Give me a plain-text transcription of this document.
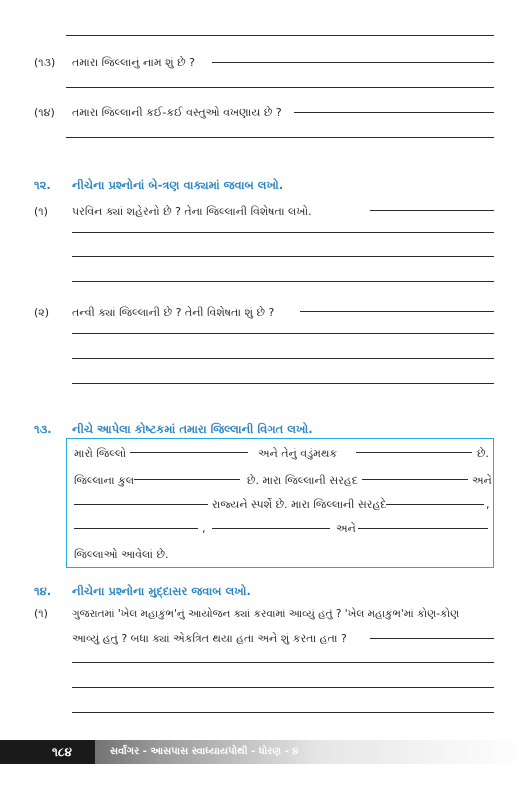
(૧૩) તમારા જિલ્લાનું નામ શું છે ?
(૧૪) તમારા જિલ્લાની કઈ-કઈ વસ્તુઓ વખણાય છે ?
૧૨. નીચેના પ્રશ્નોનાં બે-ત્રણ વાક્યમાં જવાબ લખો.
(૧) પરવિન ક્યાં શહેરનો છે ? તેના જિલ્લાની વિશેષતા લખો.
(૨) તન્વી ક્યાં જિલ્લાની છે ? તેની વિશેષતા શું છે ?
૧૩. નીચે આપેલા કોષ્ટકમાં તમારા જિલ્લાની વિગત લખો.
મારો જિલ્લો	અને તેનું વડુંમથક	છે.
જિલ્લાના કુલ	છે. મારા જિલ્લાની સરહદ	અને
રાજ્યને સ્પર્શે છે. મારા જિલ્લાની સરહદે	,
,	અને
જિલ્લાઓ આવેલાં છે.
૧૪. નીચેના પ્રશ્નોના મુદ્દાસર જવાબ લખો.
(૧) ગુજરાતમાં 'ખેલ મહાકુંભ'નું આયોજન ક્યાં કરવામાં આવ્યું હતું ? 'ખેલ મહાકુંભ'માં કોણ-કોણ
આવ્યું હતું ? બધા ક્યાં એકત્રિત થયા હતા અને શું કરતા હતા ?
૧૮૪	સર્વાંગર - આસપાસ સ્વાધ્યાયપોથી - ધોરણ - ૪
